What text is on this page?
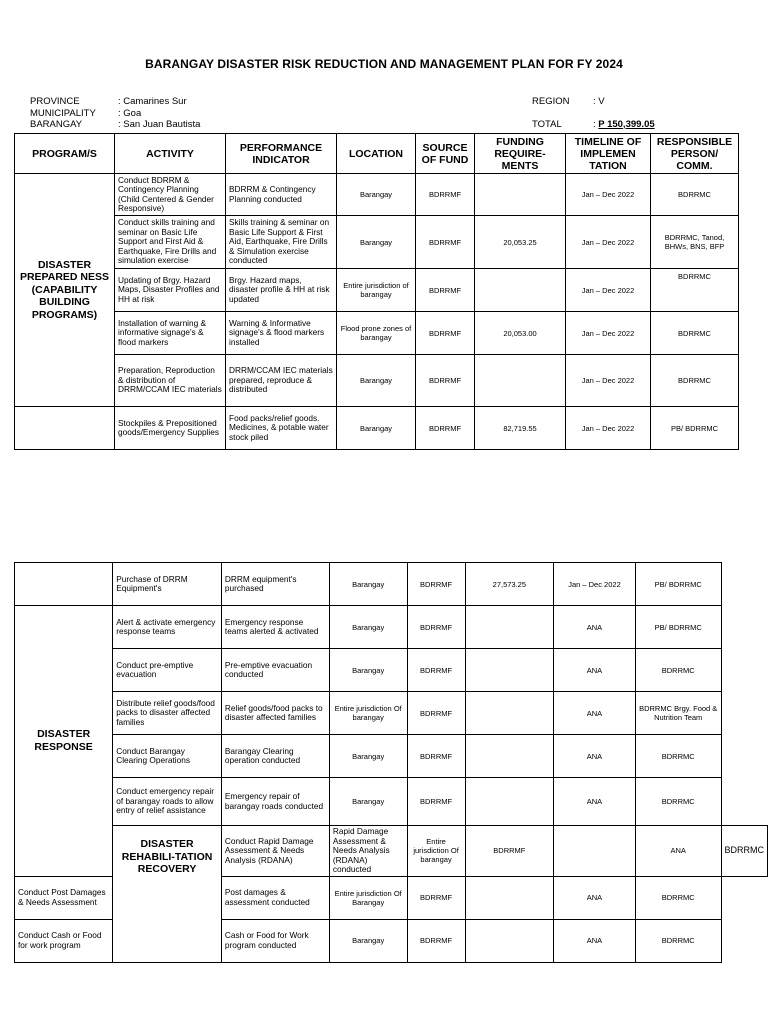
BARANGAY DISASTER RISK REDUCTION AND MANAGEMENT PLAN FOR FY 2024
PROVINCE	: Camarines Sur
MUNICIPALITY : Goa
BARANGAY	: San Juan Bautista
REGION : V
TOTAL	: P 150,399.05
PROGRAM/S	ACTIVITY	PERFORMANCE INDICATOR	LOCATION	SOURCE OF FUND	FUNDING REQUIRE-MENTS	TIMELINE OF IMPLEMEN TATION	RESPONSIBLE PERSON/ COMM.
DISASTER PREPARED NESS (CAPABILITY BUILDING PROGRAMS)	Conduct BDRRM & Contingency Planning (Child Centered & Gender Responsive)	BDRRM & Contingency Planning conducted	Barangay	BDRRMF		Jan – Dec 2022	BDRRMC
	Conduct skills training and seminar on Basic Life Support and First Aid & Earthquake, Fire Drills and simulation exercise	Skills training & seminar on Basic Life Support & First Aid, Earthquake, Fire Drills & Simulation exercise conducted	Barangay	BDRRMF	20,053.25	Jan – Dec 2022	BDRRMC, Tanod, BHWs, BNS, BFP
	Updating of Brgy. Hazard Maps, Disaster Profiles and HH at risk	Brgy. Hazard maps, disaster profile & HH at risk updated	Entire jurisdiction of barangay	BDRRMF		Jan – Dec 2022	BDRRMC
	Installation of warning & informative signage's & flood markers	Warning & Informative signage's & flood markers installed	Flood prone zones of barangay	BDRRMF	20,053.00	Jan – Dec 2022	BDRRMC
	Preparation, Reproduction & distribution of DRRM/CCAM IEC materials	DRRM/CCAM IEC materials prepared, reproduce & distributed	Barangay	BDRRMF		Jan – Dec 2022	BDRRMC
	Stockpiles & Prepositioned goods/Emergency Supplies	Food packs/relief goods. Medicines, & potable water stock piled	Barangay	BDRRMF	82,719.55	Jan – Dec 2022	PB/ BDRRMC
	Purchase of DRRM Equipment's	DRRM equipment's purchased	Barangay	BDRRMF	27,573.25	Jan – Dec 2022	PB/ BDRRMC	
DISASTER RESPONSE	Alert & activate emergency response teams	Emergency response teams alerted & activated	Barangay	BDRRMF		ANA	PB/ BDRRMC	
	Conduct pre-emptive evacuation	Pre-emptive evacuation conducted	Barangay	BDRRMF		ANA	BDRRMC	
	Distribute relief goods/food packs to disaster affected families	Relief goods/food packs to disaster affected families	Entire jurisdiction Of barangay	BDRRMF		ANA	BDRRMC Brgy. Food & Nutrition Team	
	Conduct Barangay Clearing Operations	Barangay Clearing operation conducted	Barangay	BDRRMF		ANA	BDRRMC	
	Conduct emergency repair of barangay roads to allow entry of relief assistance	Emergency repair of barangay roads conducted	Barangay	BDRRMF		ANA	BDRRMC	
	DISASTER REHABILI-TATION RECOVERY	Conduct Rapid Damage Assessment & Needs Analysis (RDANA)	Rapid Damage Assessment & Needs Analysis (RDANA) conducted	Entire jurisdiction Of barangay	BDRRMF		ANA	BDRRMC
Conduct Post Damages & Needs Assessment		Post damages & assessment conducted	Entire jurisdiction Of Barangay	BDRRMF		ANA	BDRRMC	
Conduct Cash or Food for work program		Cash or Food for Work program conducted	Barangay	BDRRMF		ANA	BDRRMC	
